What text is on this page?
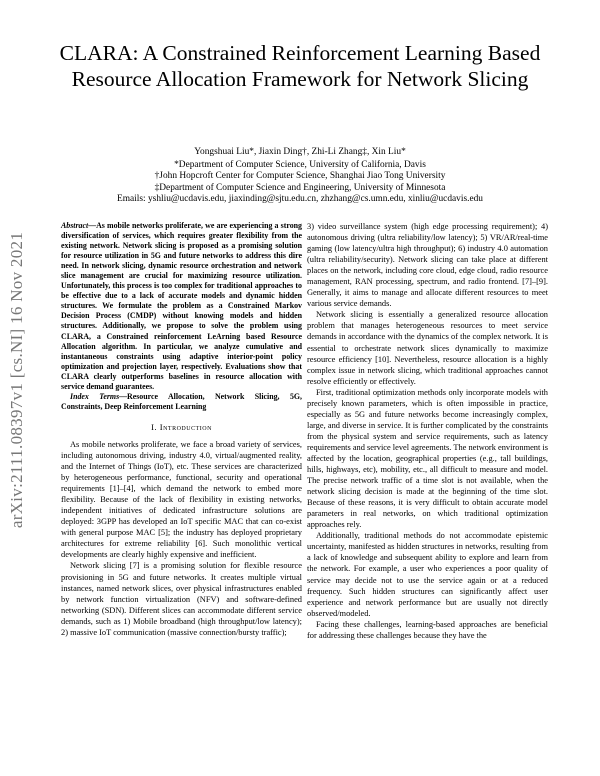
arXiv:2111.08397v1 [cs.NI] 16 Nov 2021
CLARA: A Constrained Reinforcement Learning Based Resource Allocation Framework for Network Slicing
Yongshuai Liu*, Jiaxin Ding†, Zhi-Li Zhang‡, Xin Liu*
*Department of Computer Science, University of California, Davis
†John Hopcroft Center for Computer Science, Shanghai Jiao Tong University
‡Department of Computer Science and Engineering, University of Minnesota
Emails: yshliu@ucdavis.edu, jiaxinding@sjtu.edu.cn, zhzhang@cs.umn.edu, xinliu@ucdavis.edu

Abstract—As mobile networks proliferate, we are experiencing a strong diversification of services, which requires greater flexibility from the existing network. Network slicing is proposed as a promising solution for resource utilization in 5G and future networks to address this dire need. In network slicing, dynamic resource orchestration and network slice management are crucial for maximizing resource utilization. Unfortunately, this process is too complex for traditional approaches to be effective due to a lack of accurate models and dynamic hidden structures. We formulate the problem as a Constrained Markov Decision Process (CMDP) without knowing models and hidden structures. Additionally, we propose to solve the problem using CLARA, a Constrained reinforcement LeArning based Resource Allocation algorithm. In particular, we analyze cumulative and instantaneous constraints using adaptive interior-point policy optimization and projection layer, respectively. Evaluations show that CLARA clearly outperforms baselines in resource allocation with service demand guarantees.

Index Terms—Resource Allocation, Network Slicing, 5G, Constraints, Deep Reinforcement Learning

I. Introduction

As mobile networks proliferate, we face a broad variety of services, including autonomous driving, industry 4.0, virtual/augmented reality, and the Internet of Things (IoT), etc. These services are characterized by heterogeneous performance, functional, security and operational requirements [1]–[4], which demand the network to embed more flexibility. Because of the lack of flexibility in existing networks, independent initiatives of dedicated infrastructure solutions are deployed: 3GPP has developed an IoT specific MAC that can co-exist with general purpose MAC [5]; the industry has deployed proprietary architectures for extreme reliability [6]. Such monolithic vertical developments are clearly highly expensive and inefficient.

Network slicing [7] is a promising solution for flexible resource provisioning in 5G and future networks. It creates multiple virtual instances, named network slices, over physical infrastructures enabled by network function virtualization (NFV) and software-defined networking (SDN). Different slices can accommodate different service demands, such as 1) Mobile broadband (high throughput/low latency); 2) massive IoT communication (massive connection/bursty traffic);

3) video surveillance system (high edge processing requirement); 4) autonomous driving (ultra reliability/low latency); 5) VR/AR/real-time gaming (low latency/ultra high throughput); 6) industry 4.0 automation (ultra reliability/security). Network slicing can take place at different places on the network, including core cloud, edge cloud, radio resource management, RAN processing, spectrum, and radio frontend. [7]–[9]. Generally, it aims to manage and allocate different resources to meet various service demands.

Network slicing is essentially a generalized resource allocation problem that manages heterogeneous resources to meet service demands in accordance with the dynamics of the complex network. It is essential to orchestrate network slices dynamically to maximize resource efficiency [10]. Nevertheless, resource allocation is a highly complex issue in network slicing, which traditional approaches cannot resolve efficiently or effectively.

First, traditional optimization methods only incorporate models with precisely known parameters, which is often impossible in practice, especially as 5G and future networks become increasingly complex, large, and diverse in service. It is further complicated by the constraints from the physical system and service requirements, such as latency requirements and service level agreements. The network environment is affected by the location, geographical properties (e.g., tall buildings, hills, highways, etc), mobility, etc., all difficult to measure and model. The precise network traffic of a time slot is not available, when the network slicing decision is made at the beginning of the time slot. Because of these reasons, it is very difficult to obtain accurate model parameters in real networks, on which traditional optimization approaches rely.

Additionally, traditional methods do not accommodate epistemic uncertainty, manifested as hidden structures in networks, resulting from a lack of knowledge and subsequent ability to explore and learn from the network. For example, a user who experiences a poor quality of service may decide not to use the service again or at a reduced frequency. Such hidden structures can significantly affect user experience and network performance but are usually not directly observed/modeled.

Facing these challenges, learning-based approaches are beneficial for addressing these challenges because they have the
